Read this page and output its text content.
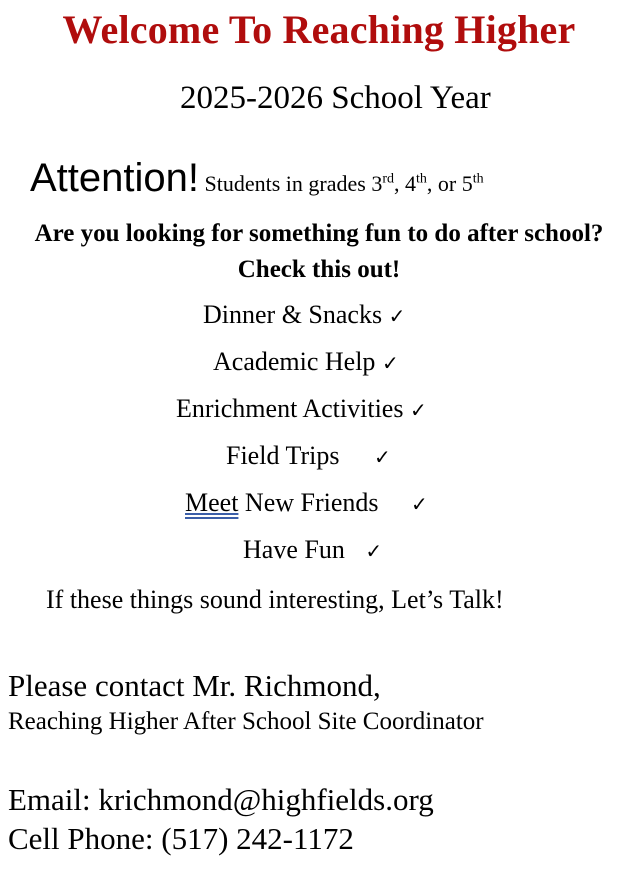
Welcome To Reaching Higher
2025-2026 School Year
Attention! Students in grades 3rd, 4th, or 5th
Are you looking for something fun to do after school? Check this out!
Dinner & Snacks ✓
Academic Help ✓
Enrichment Activities ✓
Field Trips ✓
Meet New Friends ✓
Have Fun ✓
If these things sound interesting, Let’s Talk!
Please contact Mr. Richmond,
Reaching Higher After School Site Coordinator
Email: krichmond@highfields.org
Cell Phone: (517) 242-1172
